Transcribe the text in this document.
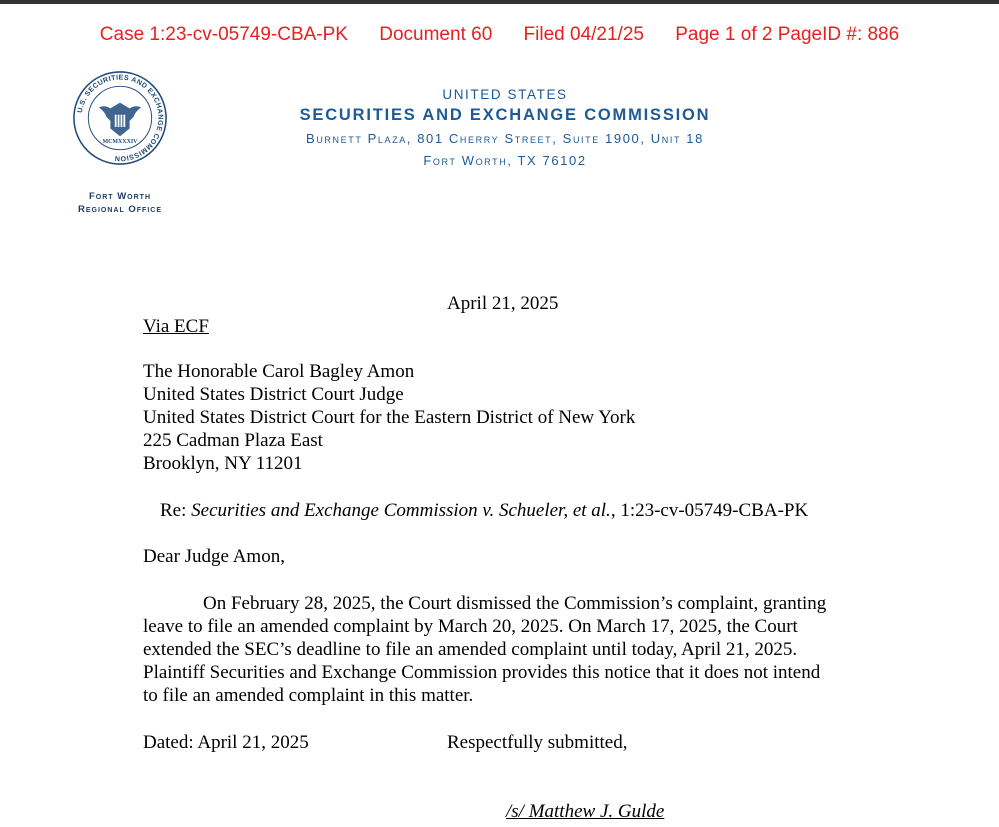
Case 1:23-cv-05749-CBA-PK Document 60 Filed 04/21/25 Page 1 of 2 PageID #: 886
U.S. SECURITIES AND EXCHANGE COMMISSION
MCMXXXIV
Fort Worth
Regional Office
UNITED STATES
SECURITIES AND EXCHANGE COMMISSION
Burnett Plaza, 801 Cherry Street, Suite 1900, Unit 18
Fort Worth, TX 76102
April 21, 2025
Via ECF
The Honorable Carol Bagley Amon
United States District Court Judge
United States District Court for the Eastern District of New York
225 Cadman Plaza East
Brooklyn, NY 11201
Re: Securities and Exchange Commission v. Schueler, et al., 1:23-cv-05749-CBA-PK
Dear Judge Amon,
On February 28, 2025, the Court dismissed the Commission’s complaint, granting
leave to file an amended complaint by March 20, 2025. On March 17, 2025, the Court
extended the SEC’s deadline to file an amended complaint until today, April 21, 2025.
Plaintiff Securities and Exchange Commission provides this notice that it does not intend
to file an amended complaint in this matter.
Dated: April 21, 2025	Respectfully submitted,
/s/ Matthew J. Gulde
